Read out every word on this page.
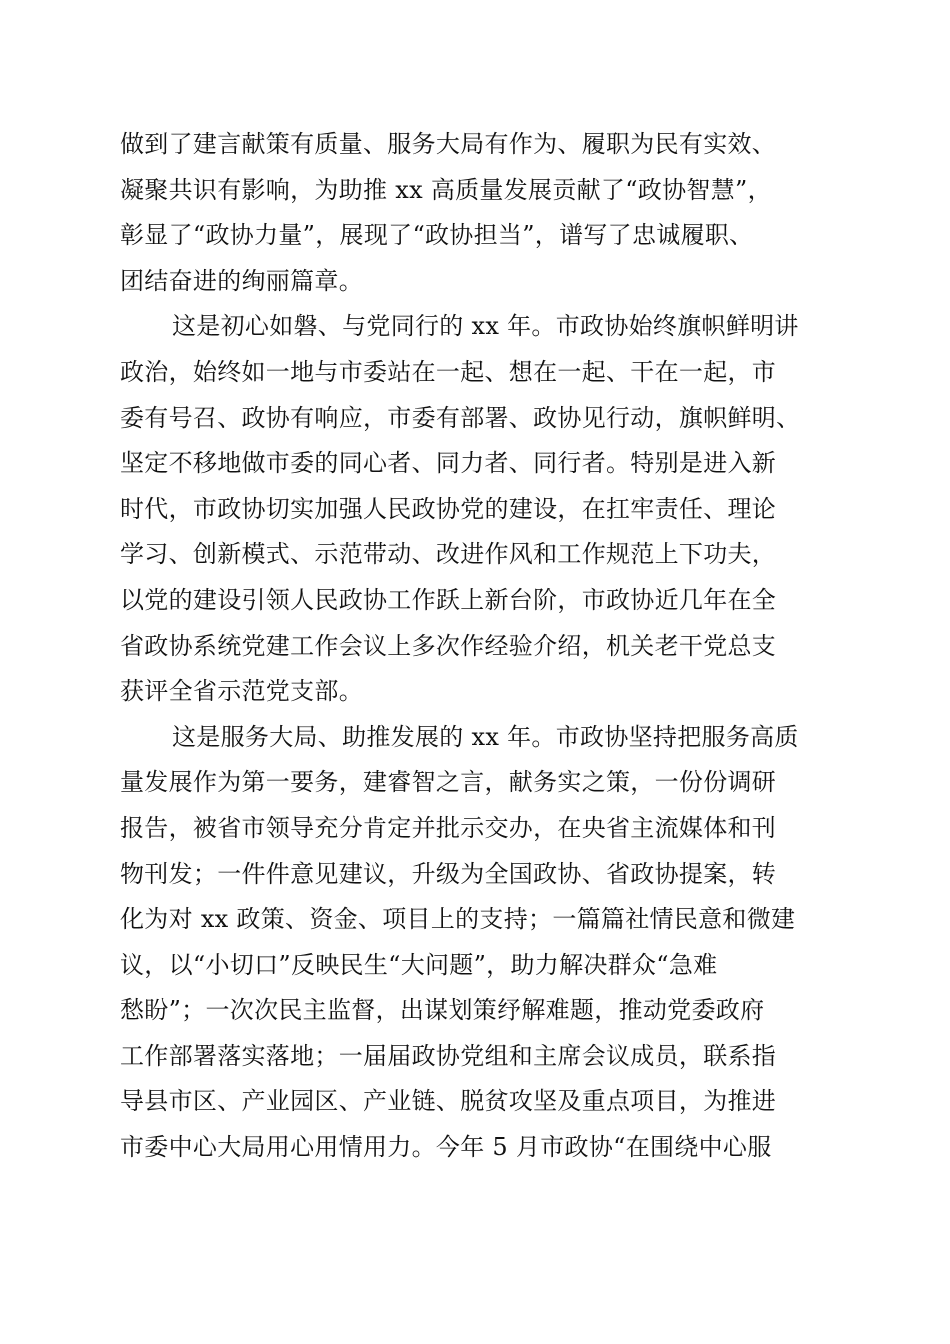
做到了建言献策有质量、服务大局有作为、履职为民有实效、
凝聚共识有影响，为助推 xx 高质量发展贡献了“政协智慧”，
彰显了“政协力量”，展现了“政协担当”，谱写了忠诚履职、
团结奋进的绚丽篇章。
这是初心如磐、与党同行的 xx 年。市政协始终旗帜鲜明讲
政治，始终如一地与市委站在一起、想在一起、干在一起，市
委有号召、政协有响应，市委有部署、政协见行动，旗帜鲜明、
坚定不移地做市委的同心者、同力者、同行者。特别是进入新
时代，市政协切实加强人民政协党的建设，在扛牢责任、理论
学习、创新模式、示范带动、改进作风和工作规范上下功夫，
以党的建设引领人民政协工作跃上新台阶，市政协近几年在全
省政协系统党建工作会议上多次作经验介绍，机关老干党总支
获评全省示范党支部。
这是服务大局、助推发展的 xx 年。市政协坚持把服务高质
量发展作为第一要务，建睿智之言，献务实之策，一份份调研
报告，被省市领导充分肯定并批示交办，在央省主流媒体和刊
物刊发；一件件意见建议，升级为全国政协、省政协提案，转
化为对 xx 政策、资金、项目上的支持；一篇篇社情民意和微建
议，以“小切口”反映民生“大问题”，助力解决群众“急难
愁盼”；一次次民主监督，出谋划策纾解难题，推动党委政府
工作部署落实落地；一届届政协党组和主席会议成员，联系指
导县市区、产业园区、产业链、脱贫攻坚及重点项目，为推进
市委中心大局用心用情用力。今年 5 月市政协“在围绕中心服
